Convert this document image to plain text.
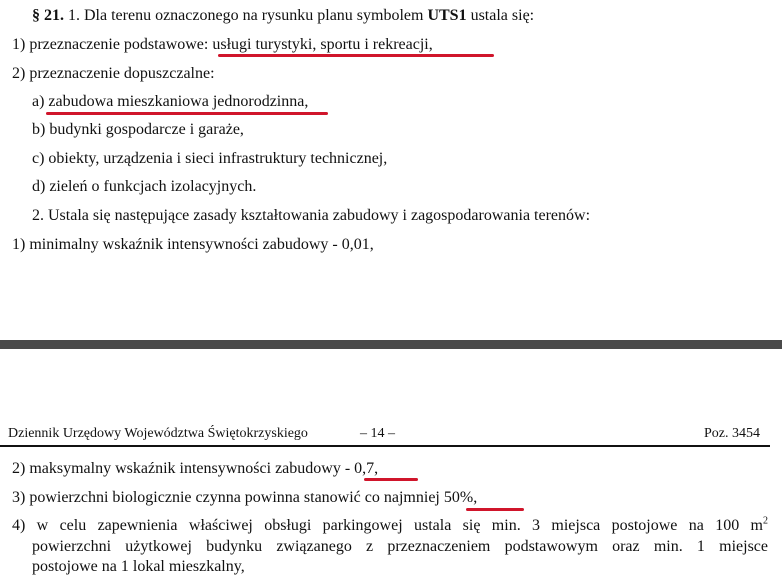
§ 21. 1. Dla terenu oznaczonego na rysunku planu symbolem UTS1 ustala się:
1) przeznaczenie podstawowe: usługi turystyki, sportu i rekreacji,
2) przeznaczenie dopuszczalne:
a) zabudowa mieszkaniowa jednorodzinna,
b) budynki gospodarcze i garaże,
c) obiekty, urządzenia i sieci infrastruktury technicznej,
d) zieleń o funkcjach izolacyjnych.
2. Ustala się następujące zasady kształtowania zabudowy i zagospodarowania terenów:
1) minimalny wskaźnik intensywności zabudowy - 0,01,
Dziennik Urzędowy Województwa Świętokrzyskiego	– 14 –	Poz. 3454
2) maksymalny wskaźnik intensywności zabudowy - 0,7,
3) powierzchni biologicznie czynna powinna stanowić co najmniej 50%,
4) w celu zapewnienia właściwej obsługi parkingowej ustala się min. 3 miejsca postojowe na 100 $m^2$
powierzchni użytkowej budynku związanego z przeznaczeniem podstawowym oraz min. 1 miejsce
postojowe na 1 lokal mieszkalny,
